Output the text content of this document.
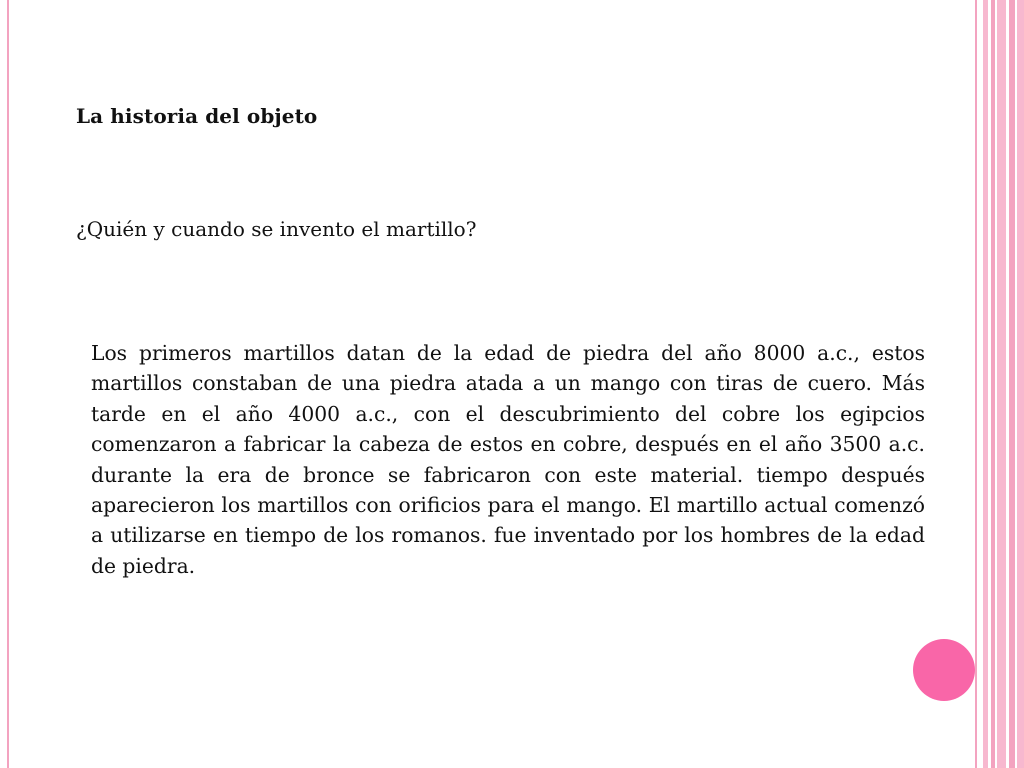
La historia del objeto
¿Quién y cuando se invento el martillo?
Los primeros martillos datan de la edad de piedra del año 8000 a.c., estos martillos constaban de una piedra atada a un mango con tiras de cuero. Más tarde en el año 4000 a.c., con el descubrimiento del cobre los egipcios comenzaron a fabricar la cabeza de estos en cobre, después en el año 3500 a.c. durante la era de bronce se fabricaron con este material. tiempo después aparecieron los martillos con orificios para el mango. El martillo actual comenzó a utilizarse en tiempo de los romanos. fue inventado por los hombres de la edad de piedra.
